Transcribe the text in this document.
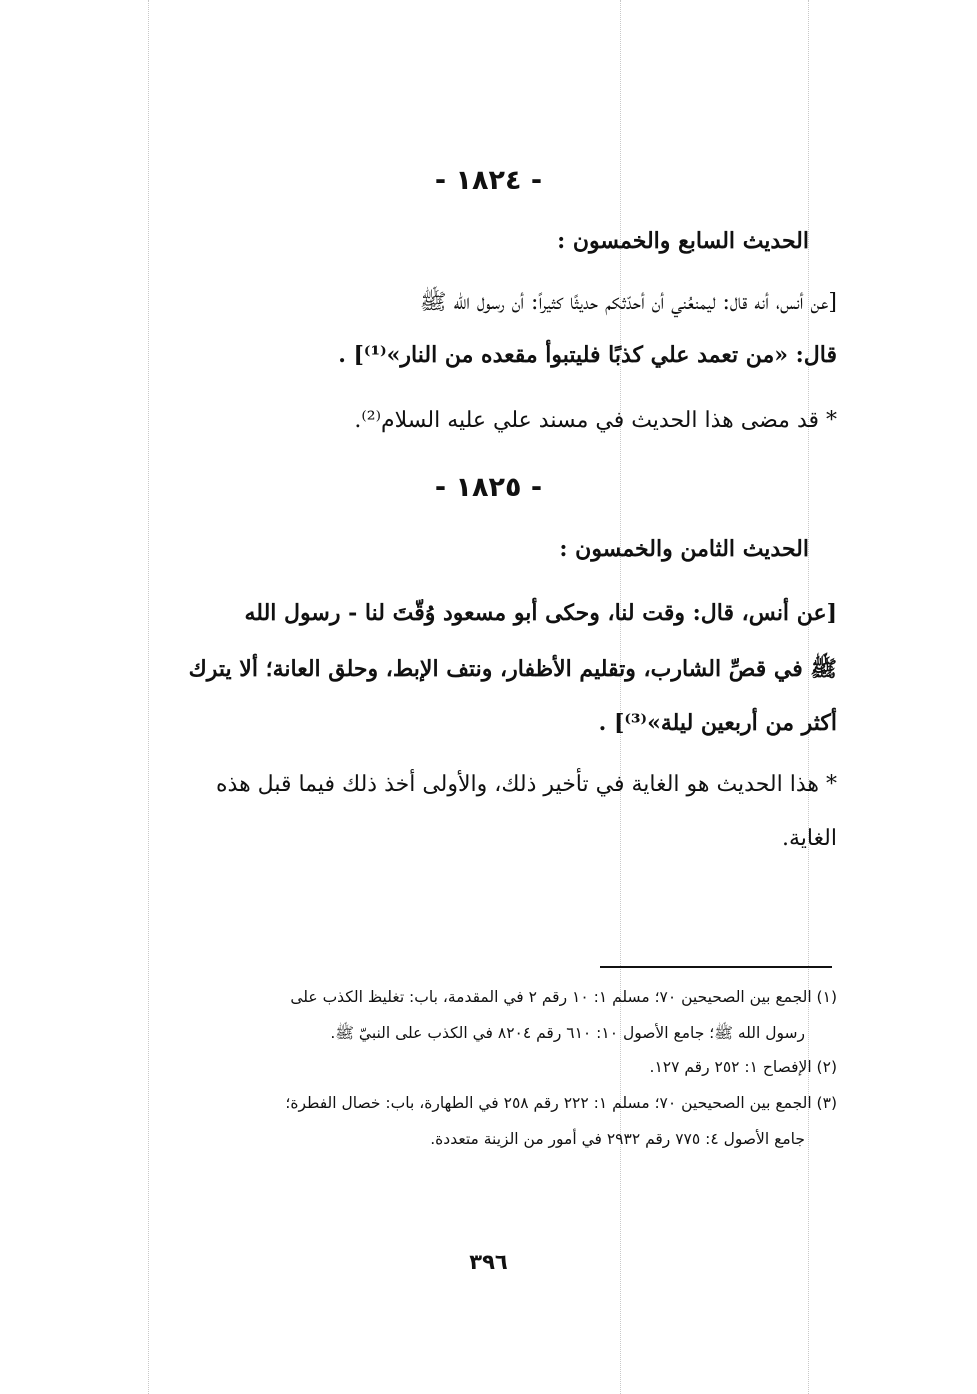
- ١٨٢٤ -
الحديث السابع والخمسون :
[عن أنس، أنه قال: ليمنعُني أن أحدّثكم حديثًا كثيراً: أن رسول الله ﷺ
قال: «من تعمد علي كذبًا فليتبوأ مقعده من النار»⁽¹⁾] .
* قد مضى هذا الحديث في مسند علي عليه السلام⁽²⁾.
- ١٨٢٥ -
الحديث الثامن والخمسون :
[عن أنس، قال: وقت لنا، وحكى أبو مسعود وُقّتَ لنا - رسول الله
ﷺ في قصِّ الشارب، وتقليم الأظفار، ونتف الإبط، وحلق العانة؛ ألا يترك
أكثر من أربعين ليلة»⁽³⁾] .
* هذا الحديث هو الغاية في تأخير ذلك، والأولى أخذ ذلك فيما قبل هذه
الغاية.
(١) الجمع بين الصحيحين ٧٠؛ مسلم ١: ١٠ رقم ٢ في المقدمة، باب: تغليظ الكذب على
رسول الله ﷺ؛ جامع الأصول ١٠: ٦١٠ رقم ٨٢٠٤ في الكذب على النبيّ ﷺ.
(٢) الإفصاح ١: ٢٥٢ رقم ١٢٧.
(٣) الجمع بين الصحيحين ٧٠؛ مسلم ١: ٢٢٢ رقم ٢٥٨ في الطهارة، باب: خصال الفطرة؛
جامع الأصول ٤: ٧٧٥ رقم ٢٩٣٢ في أمور من الزينة متعددة.
٣٩٦
